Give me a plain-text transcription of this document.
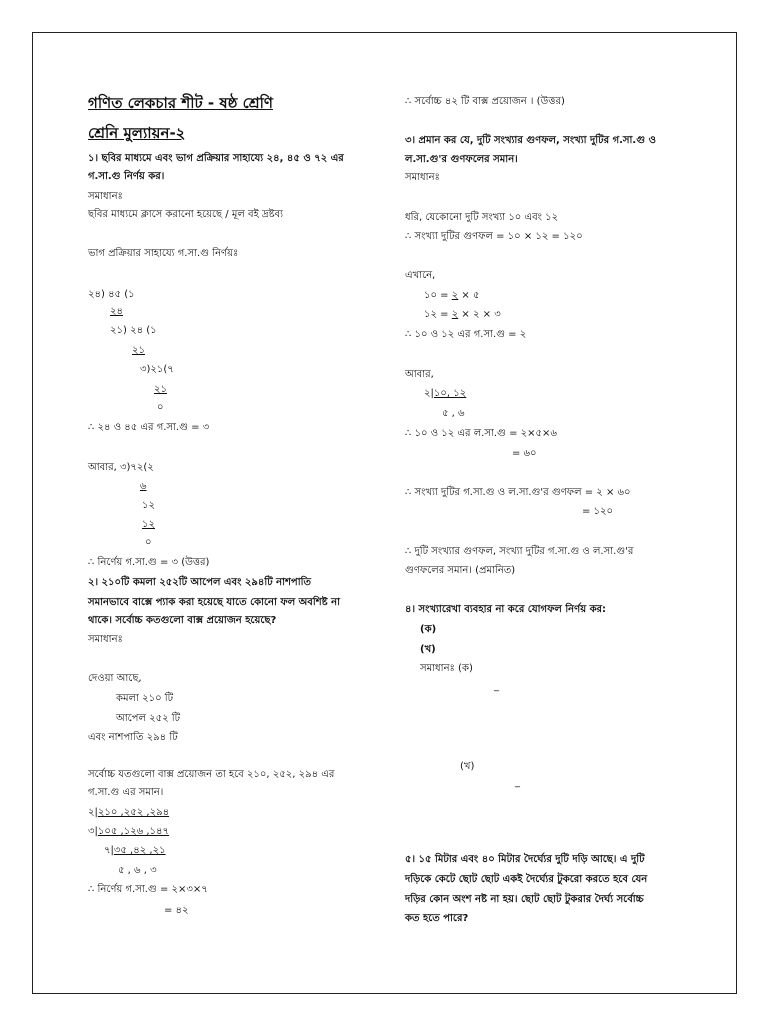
গণিত লেকচার শীট - ষষ্ঠ শ্রেণি
শ্রেনি মুল্যায়ন-২
১। ছবির মাধ্যমে এবং ভাগ প্রক্রিয়ার সাহায্যে ২৪, ৪৫ ও ৭২ এর
গ.সা.গু নির্ণয় কর।
সমাধানঃ
ছবির মাধ্যমে ক্লাসে করানো হয়েছে / মূল বই দ্রষ্টব্য
ভাগ প্রক্রিয়ার সাহায্যে গ.সা.গু নির্ণয়ঃ
২৪) ৪৫ (১
২৪
২১) ২৪ (১
২১
৩)২১(৭
২১
০
∴ ২৪ ও ৪৫ এর গ.সা.গু = ৩
আবার, ৩)৭২(২
৬
১২
১২
০
∴ নির্ণেয় গ.সা.গু = ৩ (উত্তর)
২। ২১০টি কমলা ২৫২টি আপেল এবং ২৯৪টি নাশপাতি
সমানভাবে বাক্সে প্যাক করা হয়েছে যাতে কোনো ফল অবশিষ্ট না
থাকে। সর্বোচ্চ কতগুলো বাক্স প্রয়োজন হয়েছে?
সমাধানঃ
দেওয়া আছে,
কমলা ২১০ টি
আপেল ২৫২ টি
এবং নাশপাতি ২৯৪ টি
সর্বোচ্চ যতগুলো বাক্স প্রয়োজন তা হবে ২১০, ২৫২, ২৯৪ এর
গ.সা.গু এর সমান।
২|২১০ ,২৫২ ,২৯৪
৩|১০৫ ,১২৬ ,১৪৭
৭|৩৫ ,৪২ ,২১
৫ , ৬ , ৩
∴ নির্ণেয় গ.সা.গু = ২×৩×৭
= ৪২
∴ সর্বোচ্চ ৪২ টি বাক্স প্রয়োজন । (উত্তর)
৩। প্রমান কর যে, দুটি সংখ্যার গুণফল, সংখ্যা দুটির গ.সা.গু ও
ল.সা.গু'র গুণফলের সমান।
সমাধানঃ
ধরি, যেকোনো দুটি সংখ্যা ১০ এবং ১২
∴ সংখ্যা দুটির গুণফল = ১০ × ১২ = ১২০
এখানে,
১০ = ২ × ৫
১২ = ২ × ২ × ৩
∴ ১০ ও ১২ এর গ.সা.গু = ২
আবার,
২|১০, ১২
৫ , ৬
∴ ১০ ও ১২ এর ল.সা.গু = ২×৫×৬
= ৬০
∴ সংখ্যা দুটির গ.সা.গু ও ল.সা.গু'র গুণফল = ২ × ৬০
= ১২০
∴ দুটি সংখ্যার গুণফল, সংখ্যা দুটির গ.সা.গু ও ল.সা.গু'র
গুণফলের সমান। (প্রমানিত)
৪। সংখ্যারেখা ব্যবহার না করে যোগফল নির্ণয় কর:
(ক)
(খ)
সমাধানঃ (ক)
_
(খ)
_
৫। ১৫ মিটার এবং ৪০ মিটার দৈর্ঘ্যের দুটি দড়ি আছে। এ দুটি
দড়িকে কেটে ছোট ছোট একই দৈর্ঘ্যের টুকরো করতে হবে যেন
দড়ির কোন অংশ নষ্ট না হয়। ছোট ছোট টুকরার দৈর্ঘ্য সর্বোচ্চ
কত হতে পারে?
